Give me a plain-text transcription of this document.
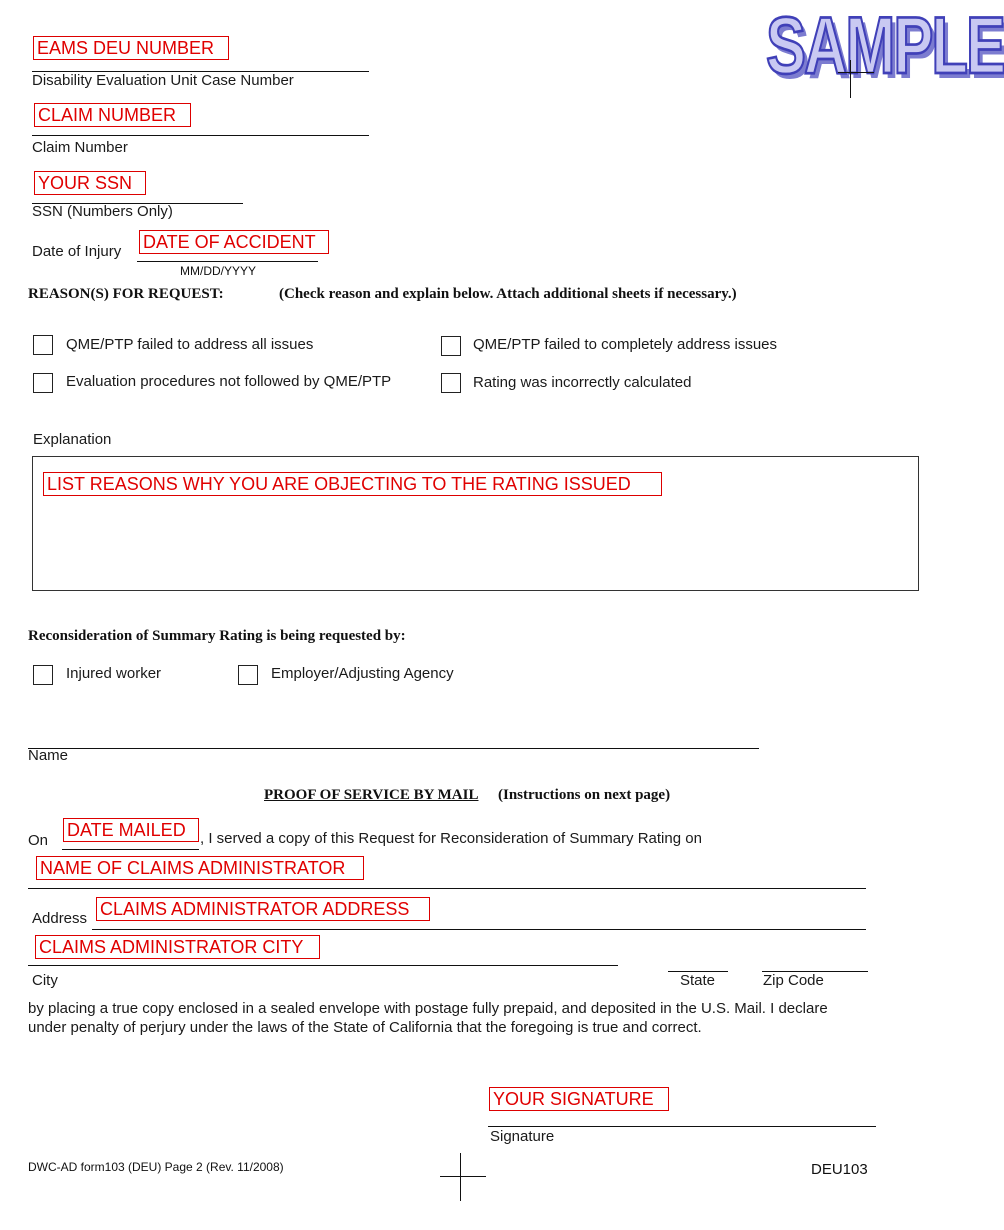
SAMPLE
EAMS DEU NUMBER
Disability Evaluation Unit Case Number
CLAIM NUMBER
Claim Number
YOUR SSN
SSN (Numbers Only)
Date of Injury DATE OF ACCIDENT
MM/DD/YYYY
REASON(S) FOR REQUEST:	(Check reason and explain below. Attach additional sheets if necessary.)
QME/PTP failed to address all issues	QME/PTP failed to completely address issues
Evaluation procedures not followed by QME/PTP	Rating was incorrectly calculated
Explanation
LIST REASONS WHY YOU ARE OBJECTING TO THE RATING ISSUED
Reconsideration of Summary Rating is being requested by:
Injured worker	Employer/Adjusting Agency
Name
PROOF OF SERVICE BY MAIL (Instructions on next page)
On
DATE MAILED , I served a copy of this Request for Reconsideration of Summary Rating on
NAME OF CLAIMS ADMINISTRATOR
Address CLAIMS ADMINISTRATOR ADDRESS
CLAIMS ADMINISTRATOR CITY
City	State	Zip Code
by placing a true copy enclosed in a sealed envelope with postage fully prepaid, and deposited in the U.S. Mail. I declare
under penalty of perjury under the laws of the State of California that the foregoing is true and correct.
YOUR SIGNATURE
Signature
DWC-AD form103 (DEU) Page 2 (Rev. 11/2008)	DEU103
